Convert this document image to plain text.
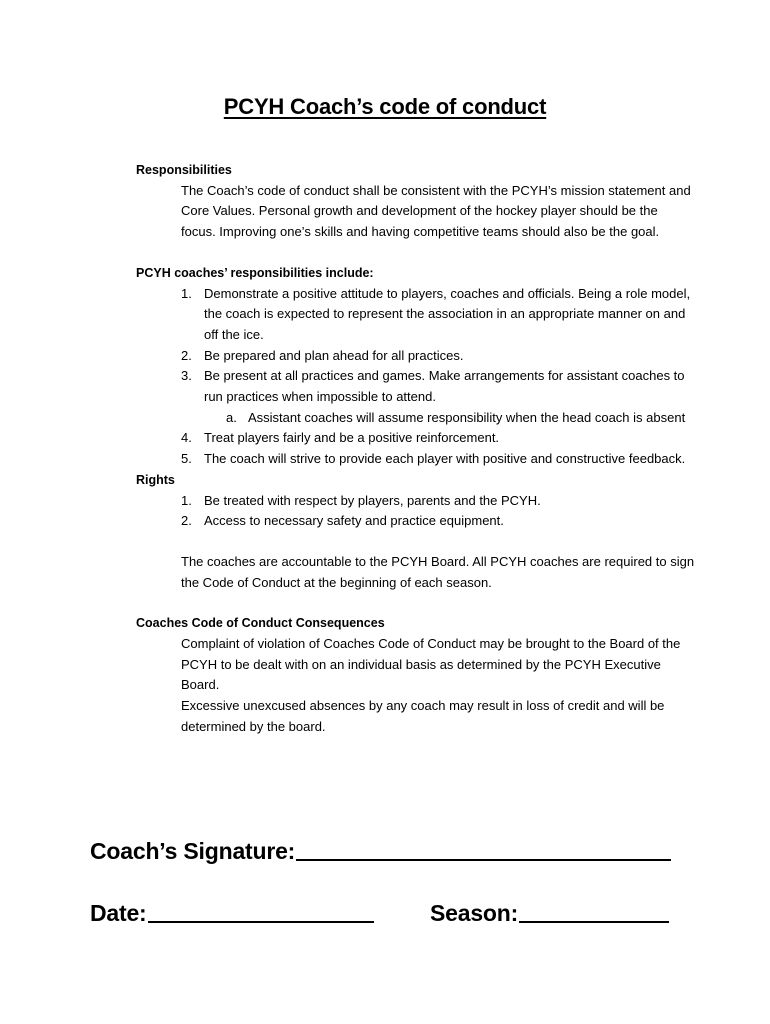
PCYH Coach’s code of conduct
Responsibilities
The Coach’s code of conduct shall be consistent with the PCYH’s mission statement and Core Values. Personal growth and development of the hockey player should be the focus. Improving one’s skills and having competitive teams should also be the goal.
PCYH coaches’ responsibilities include:
1. Demonstrate a positive attitude to players, coaches and officials. Being a role model, the coach is expected to represent the association in an appropriate manner on and off the ice.
2. Be prepared and plan ahead for all practices.
3. Be present at all practices and games. Make arrangements for assistant coaches to run practices when impossible to attend.
a. Assistant coaches will assume responsibility when the head coach is absent
4. Treat players fairly and be a positive reinforcement.
5. The coach will strive to provide each player with positive and constructive feedback.
Rights
1. Be treated with respect by players, parents and the PCYH.
2. Access to necessary safety and practice equipment.
The coaches are accountable to the PCYH Board. All PCYH coaches are required to sign the Code of Conduct at the beginning of each season.
Coaches Code of Conduct Consequences
Complaint of violation of Coaches Code of Conduct may be brought to the Board of the PCYH to be dealt with on an individual basis as determined by the PCYH Executive Board.
Excessive unexcused absences by any coach may result in loss of credit and will be determined by the board.
Coach’s Signature:
Date:	Season:
